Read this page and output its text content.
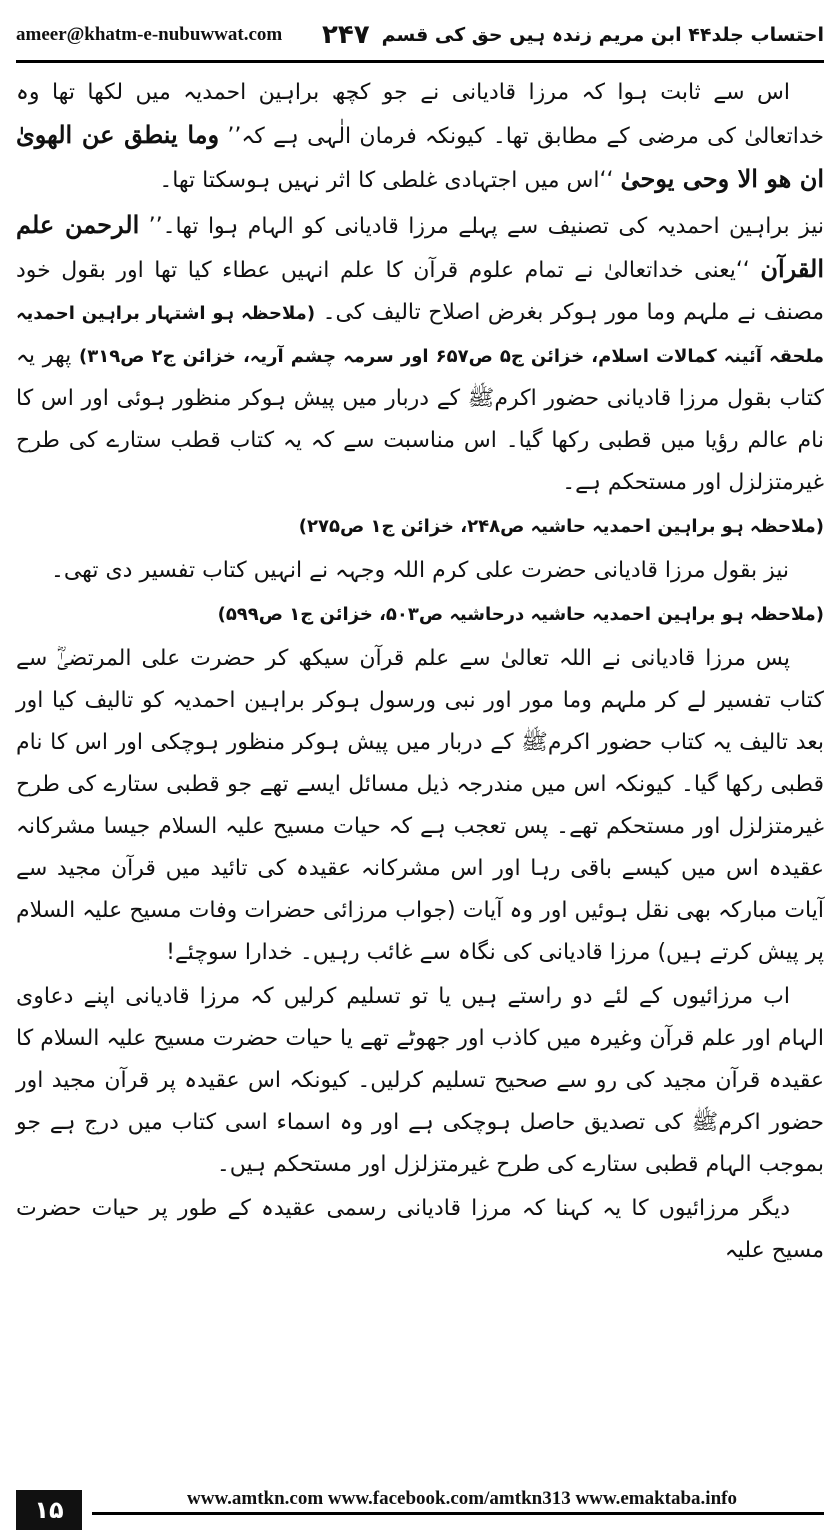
ameer@khatm-e-nubuwwat.com	احتساب جلد۴۴ ابن مریم زندہ ہیں حق کی قسم
۲۴۷

اس سے ثابت ہوا کہ مرزا قادیانی نے جو کچھ براہین احمدیہ میں لکھا تھا وہ خداتعالیٰ کی مرضی کے مطابق تھا۔ کیونکہ فرمان الٰہی ہے کہ’’ وما ینطق عن الهویٰ ان هو الا وحی یوحیٰ ‘‘اس میں اجتہادی غلطی کا اثر نہیں ہوسکتا تھا۔

نیز براہین احمدیہ کی تصنیف سے پہلے مرزا قادیانی کو الہام ہوا تھا۔’’ الرحمن علم القرآن ‘‘یعنی خداتعالیٰ نے تمام علوم قرآن کا علم انہیں عطاء کیا تھا اور بقول خود مصنف نے ملہم وما مور ہوکر بغرض اصلاح تالیف کی۔ (ملاحظہ ہو اشتہار براہین احمدیہ ملحقہ آئینہ کمالات اسلام، خزائن ج۵ ص۶۵۷ اور سرمہ چشم آریہ، خزائن ج۲ ص۳۱۹) پھر یہ کتاب بقول مرزا قادیانی حضور اکرمﷺ کے دربار میں پیش ہوکر منظور ہوئی اور اس کا نام عالم رؤیا میں قطبی رکھا گیا۔ اس مناسبت سے کہ یہ کتاب قطب ستارے کی طرح غیرمتزلزل اور مستحکم ہے۔

(ملاحظہ ہو براہین احمدیہ حاشیہ ص۲۴۸، خزائن ج۱ ص۲۷۵)

نیز بقول مرزا قادیانی حضرت علی کرم اللہ وجہہ نے انہیں کتاب تفسیر دی تھی۔

(ملاحظہ ہو براہین احمدیہ حاشیہ درحاشیہ ص۵۰۳، خزائن ج۱ ص۵۹۹)

پس مرزا قادیانی نے اللہ تعالیٰ سے علم قرآن سیکھ کر حضرت علی المرتضیٰؓ سے کتاب تفسیر لے کر ملہم وما مور اور نبی ورسول ہوکر براہین احمدیہ کو تالیف کیا اور بعد تالیف یہ کتاب حضور اکرمﷺ کے دربار میں پیش ہوکر منظور ہوچکی اور اس کا نام قطبی رکھا گیا۔ کیونکہ اس میں مندرجہ ذیل مسائل ایسے تھے جو قطبی ستارے کی طرح غیرمتزلزل اور مستحکم تھے۔ پس تعجب ہے کہ حیات مسیح علیہ السلام جیسا مشرکانہ عقیدہ اس میں کیسے باقی رہا اور اس مشرکانہ عقیدہ کی تائید میں قرآن مجید سے آیات مبارکہ بھی نقل ہوئیں اور وہ آیات (جواب مرزائی حضرات وفات مسیح علیہ السلام پر پیش کرتے ہیں) مرزا قادیانی کی نگاہ سے غائب رہیں۔ خدارا سوچئے!

اب مرزائیوں کے لئے دو راستے ہیں یا تو تسلیم کرلیں کہ مرزا قادیانی اپنے دعاوی الہام اور علم قرآن وغیرہ میں کاذب اور جھوٹے تھے یا حیات حضرت مسیح علیہ السلام کا عقیدہ قرآن مجید کی رو سے صحیح تسلیم کرلیں۔ کیونکہ اس عقیدہ پر قرآن مجید اور حضور اکرمﷺ کی تصدیق حاصل ہوچکی ہے اور وہ اسماء اسی کتاب میں درج ہے جو بموجب الہام قطبی ستارے کی طرح غیرمتزلزل اور مستحکم ہیں۔

دیگر مرزائیوں کا یہ کہنا کہ مرزا قادیانی رسمی عقیدہ کے طور پر حیات حضرت مسیح علیہ

۱۵	www.amtkn.com www.facebook.com/amtkn313 www.emaktaba.info
